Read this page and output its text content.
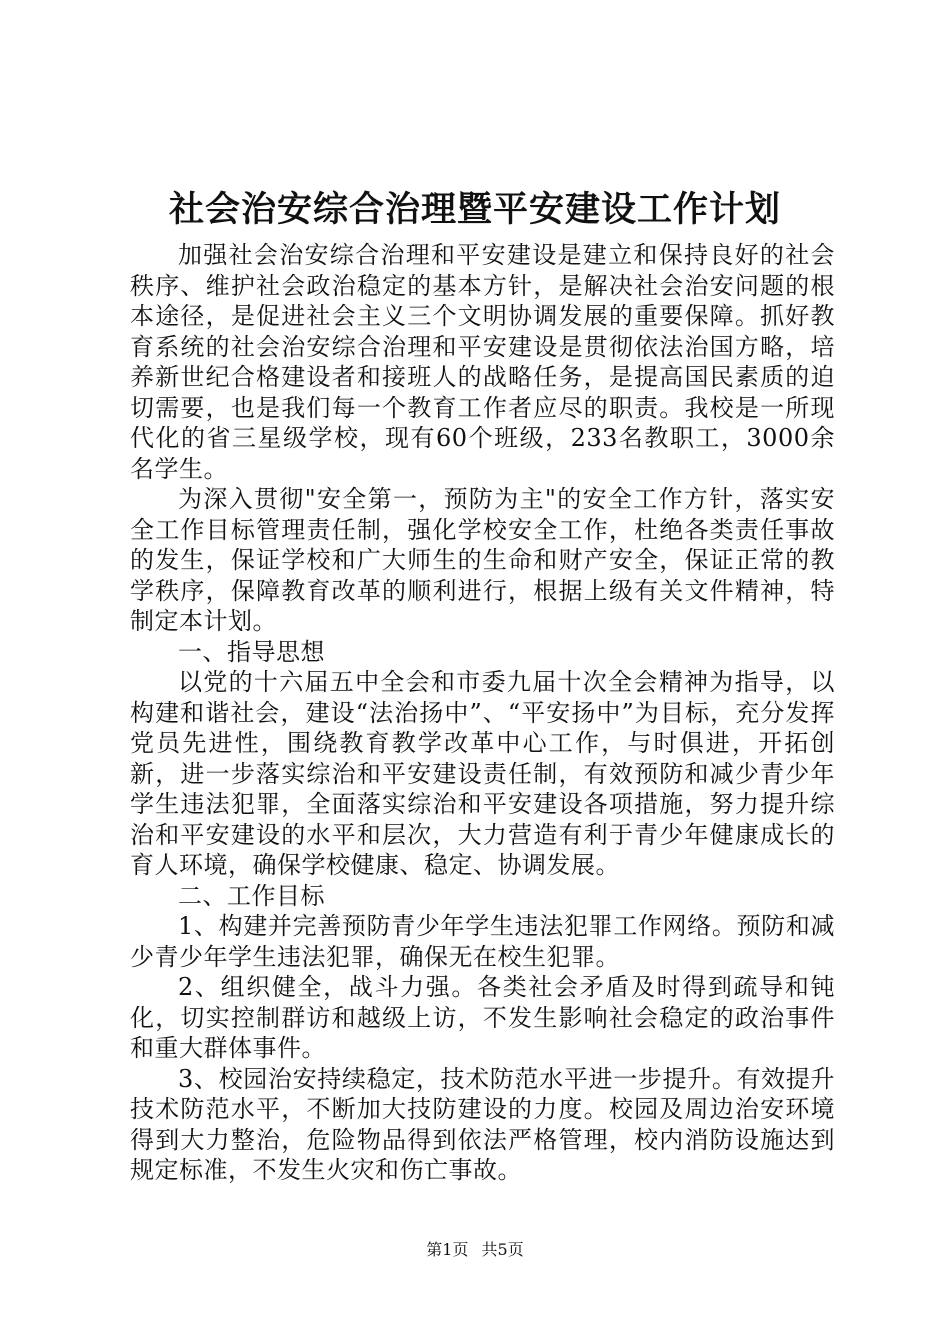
社会治安综合治理暨平安建设工作计划

加强社会治安综合治理和平安建设是建立和保持良好的社会秩序、维护社会政治稳定的基本方针，是解决社会治安问题的根本途径，是促进社会主义三个文明协调发展的重要保障。抓好教育系统的社会治安综合治理和平安建设是贯彻依法治国方略，培养新世纪合格建设者和接班人的战略任务，是提高国民素质的迫切需要，也是我们每一个教育工作者应尽的职责。我校是一所现代化的省三星级学校，现有60个班级，233名教职工，3000余名学生。

为深入贯彻"安全第一，预防为主"的安全工作方针，落实安全工作目标管理责任制，强化学校安全工作，杜绝各类责任事故的发生，保证学校和广大师生的生命和财产安全，保证正常的教学秩序，保障教育改革的顺利进行，根据上级有关文件精神，特制定本计划。

一、指导思想

以党的十六届五中全会和市委九届十次全会精神为指导，以构建和谐社会，建设“法治扬中”、“平安扬中”为目标，充分发挥党员先进性，围绕教育教学改革中心工作，与时俱进，开拓创新，进一步落实综治和平安建设责任制，有效预防和减少青少年学生违法犯罪，全面落实综治和平安建设各项措施，努力提升综治和平安建设的水平和层次，大力营造有利于青少年健康成长的育人环境，确保学校健康、稳定、协调发展。

二、工作目标

1、构建并完善预防青少年学生违法犯罪工作网络。预防和减少青少年学生违法犯罪，确保无在校生犯罪。

2、组织健全，战斗力强。各类社会矛盾及时得到疏导和钝化，切实控制群访和越级上访，不发生影响社会稳定的政治事件和重大群体事件。

3、校园治安持续稳定，技术防范水平进一步提升。有效提升技术防范水平，不断加大技防建设的力度。校园及周边治安环境得到大力整治，危险物品得到依法严格管理，校内消防设施达到规定标准，不发生火灾和伤亡事故。

第1页 共5页
